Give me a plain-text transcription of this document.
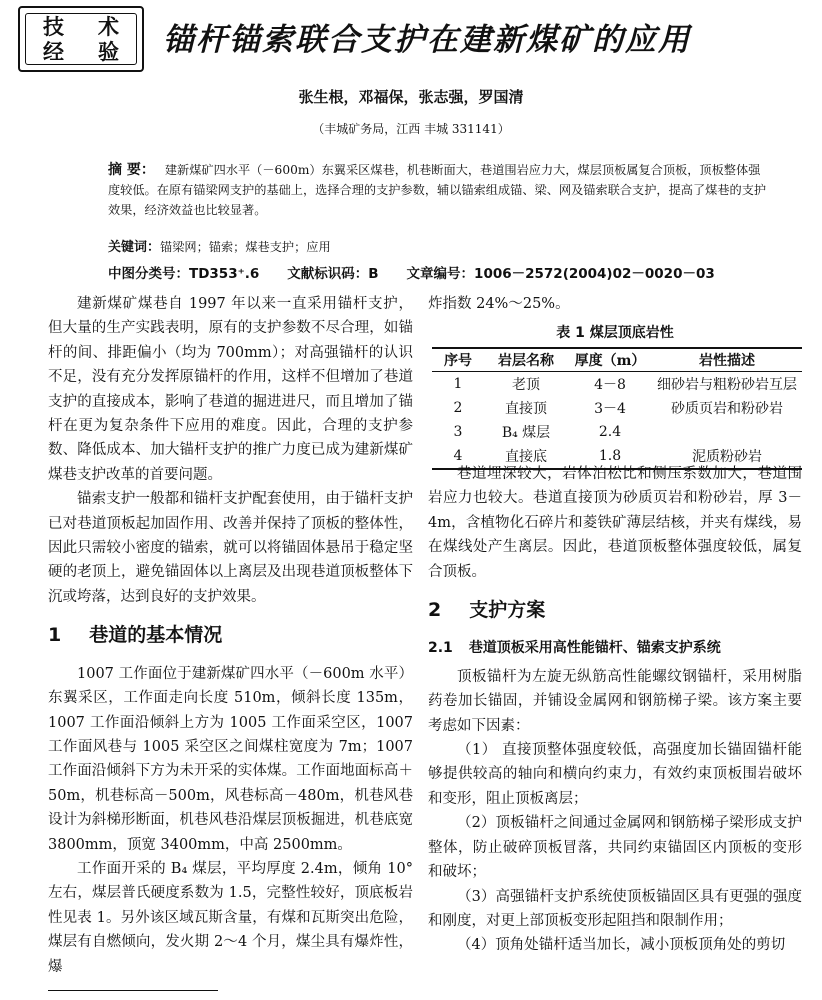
技 术
经 验 锚杆锚索联合支护在建新煤矿的应用
张生根，邓福保，张志强，罗国清
（丰城矿务局，江西 丰城 331141）
摘 要： 建新煤矿四水平（－600m）东翼采区煤巷，机巷断面大，巷道围岩应力大，煤层顶板属复合顶板，顶板整体强度较低。在原有锚梁网支护的基础上，选择合理的支护参数，辅以锚索组成锚、梁、网及锚索联合支护，提高了煤巷的支护效果，经济效益也比较显著。
关键词：锚梁网；锚索；煤巷支护；应用
中图分类号：TD353⁺.6 文献标识码：B 文章编号：1006－2572(2004)02－0020－03

建新煤矿煤巷自 1997 年以来一直采用锚杆支护，但大量的生产实践表明，原有的支护参数不尽合理，如锚杆的间、排距偏小（均为 700mm）；对高强锚杆的认识不足，没有充分发挥原锚杆的作用，这样不但增加了巷道支护的直接成本，影响了巷道的掘进进尺，而且增加了锚杆在更为复杂条件下应用的难度。因此，合理的支护参数、降低成本、加大锚杆支护的推广力度已成为建新煤矿煤巷支护改革的首要问题。

锚索支护一般都和锚杆支护配套使用，由于锚杆支护已对巷道顶板起加固作用、改善并保持了顶板的整体性，因此只需较小密度的锚索，就可以将锚固体悬吊于稳定坚硬的老顶上，避免锚固体以上离层及出现巷道顶板整体下沉或垮落，达到良好的支护效果。

1 巷道的基本情况

1007 工作面位于建新煤矿四水平（－600m 水平）东翼采区，工作面走向长度 510m，倾斜长度 135m，1007 工作面沿倾斜上方为 1005 工作面采空区，1007 工作面风巷与 1005 采空区之间煤柱宽度为 7m；1007 工作面沿倾斜下方为未开采的实体煤。工作面地面标高＋50m，机巷标高－500m，风巷标高－480m，机巷风巷设计为斜梯形断面，机巷风巷沿煤层顶板掘进，机巷底宽 3800mm，顶宽 3400mm，中高 2500mm。

工作面开采的 B₄ 煤层，平均厚度 2.4m，倾角 10°左右，煤层普氏硬度系数为 1.5，完整性较好，顶底板岩性见表 1。另外该区域瓦斯含量，有煤和瓦斯突出危险，煤层有自燃倾向，发火期 2～4 个月，煤尘具有爆炸性，爆

炸指数 24%～25%。
表 1 煤层顶底岩性
序号	岩层名称	厚度（m）	岩性描述
1	老顶	4－8	细砂岩与粗粉砂岩互层
2	直接顶	3－4	砂质页岩和粉砂岩
3	B₄ 煤层	2.4	
4	直接底	1.8	泥质粉砂岩

巷道埋深较大，岩体泊松比和侧压系数加大，巷道围岩应力也较大。巷道直接顶为砂质页岩和粉砂岩，厚 3－4m，含植物化石碎片和菱铁矿薄层结核，并夹有煤线，易在煤线处产生离层。因此，巷道顶板整体强度较低，属复合顶板。

2 支护方案
2.1 巷道顶板采用高性能锚杆、锚索支护系统

顶板锚杆为左旋无纵筋高性能螺纹钢锚杆，采用树脂药卷加长锚固，并铺设金属网和钢筋梯子梁。该方案主要考虑如下因素：

（1） 直接顶整体强度较低，高强度加长锚固锚杆能够提供较高的轴向和横向约束力，有效约束顶板围岩破坏和变形，阻止顶板离层；

（2）顶板锚杆之间通过金属网和钢筋梯子梁形成支护整体，防止破碎顶板冒落，共同约束锚固区内顶板的变形和破坏；

（3）高强锚杆支护系统使顶板锚固区具有更强的强度和刚度，对更上部顶板变形起阻挡和限制作用；

（4）顶角处锚杆适当加长，减小顶板顶角处的剪切
